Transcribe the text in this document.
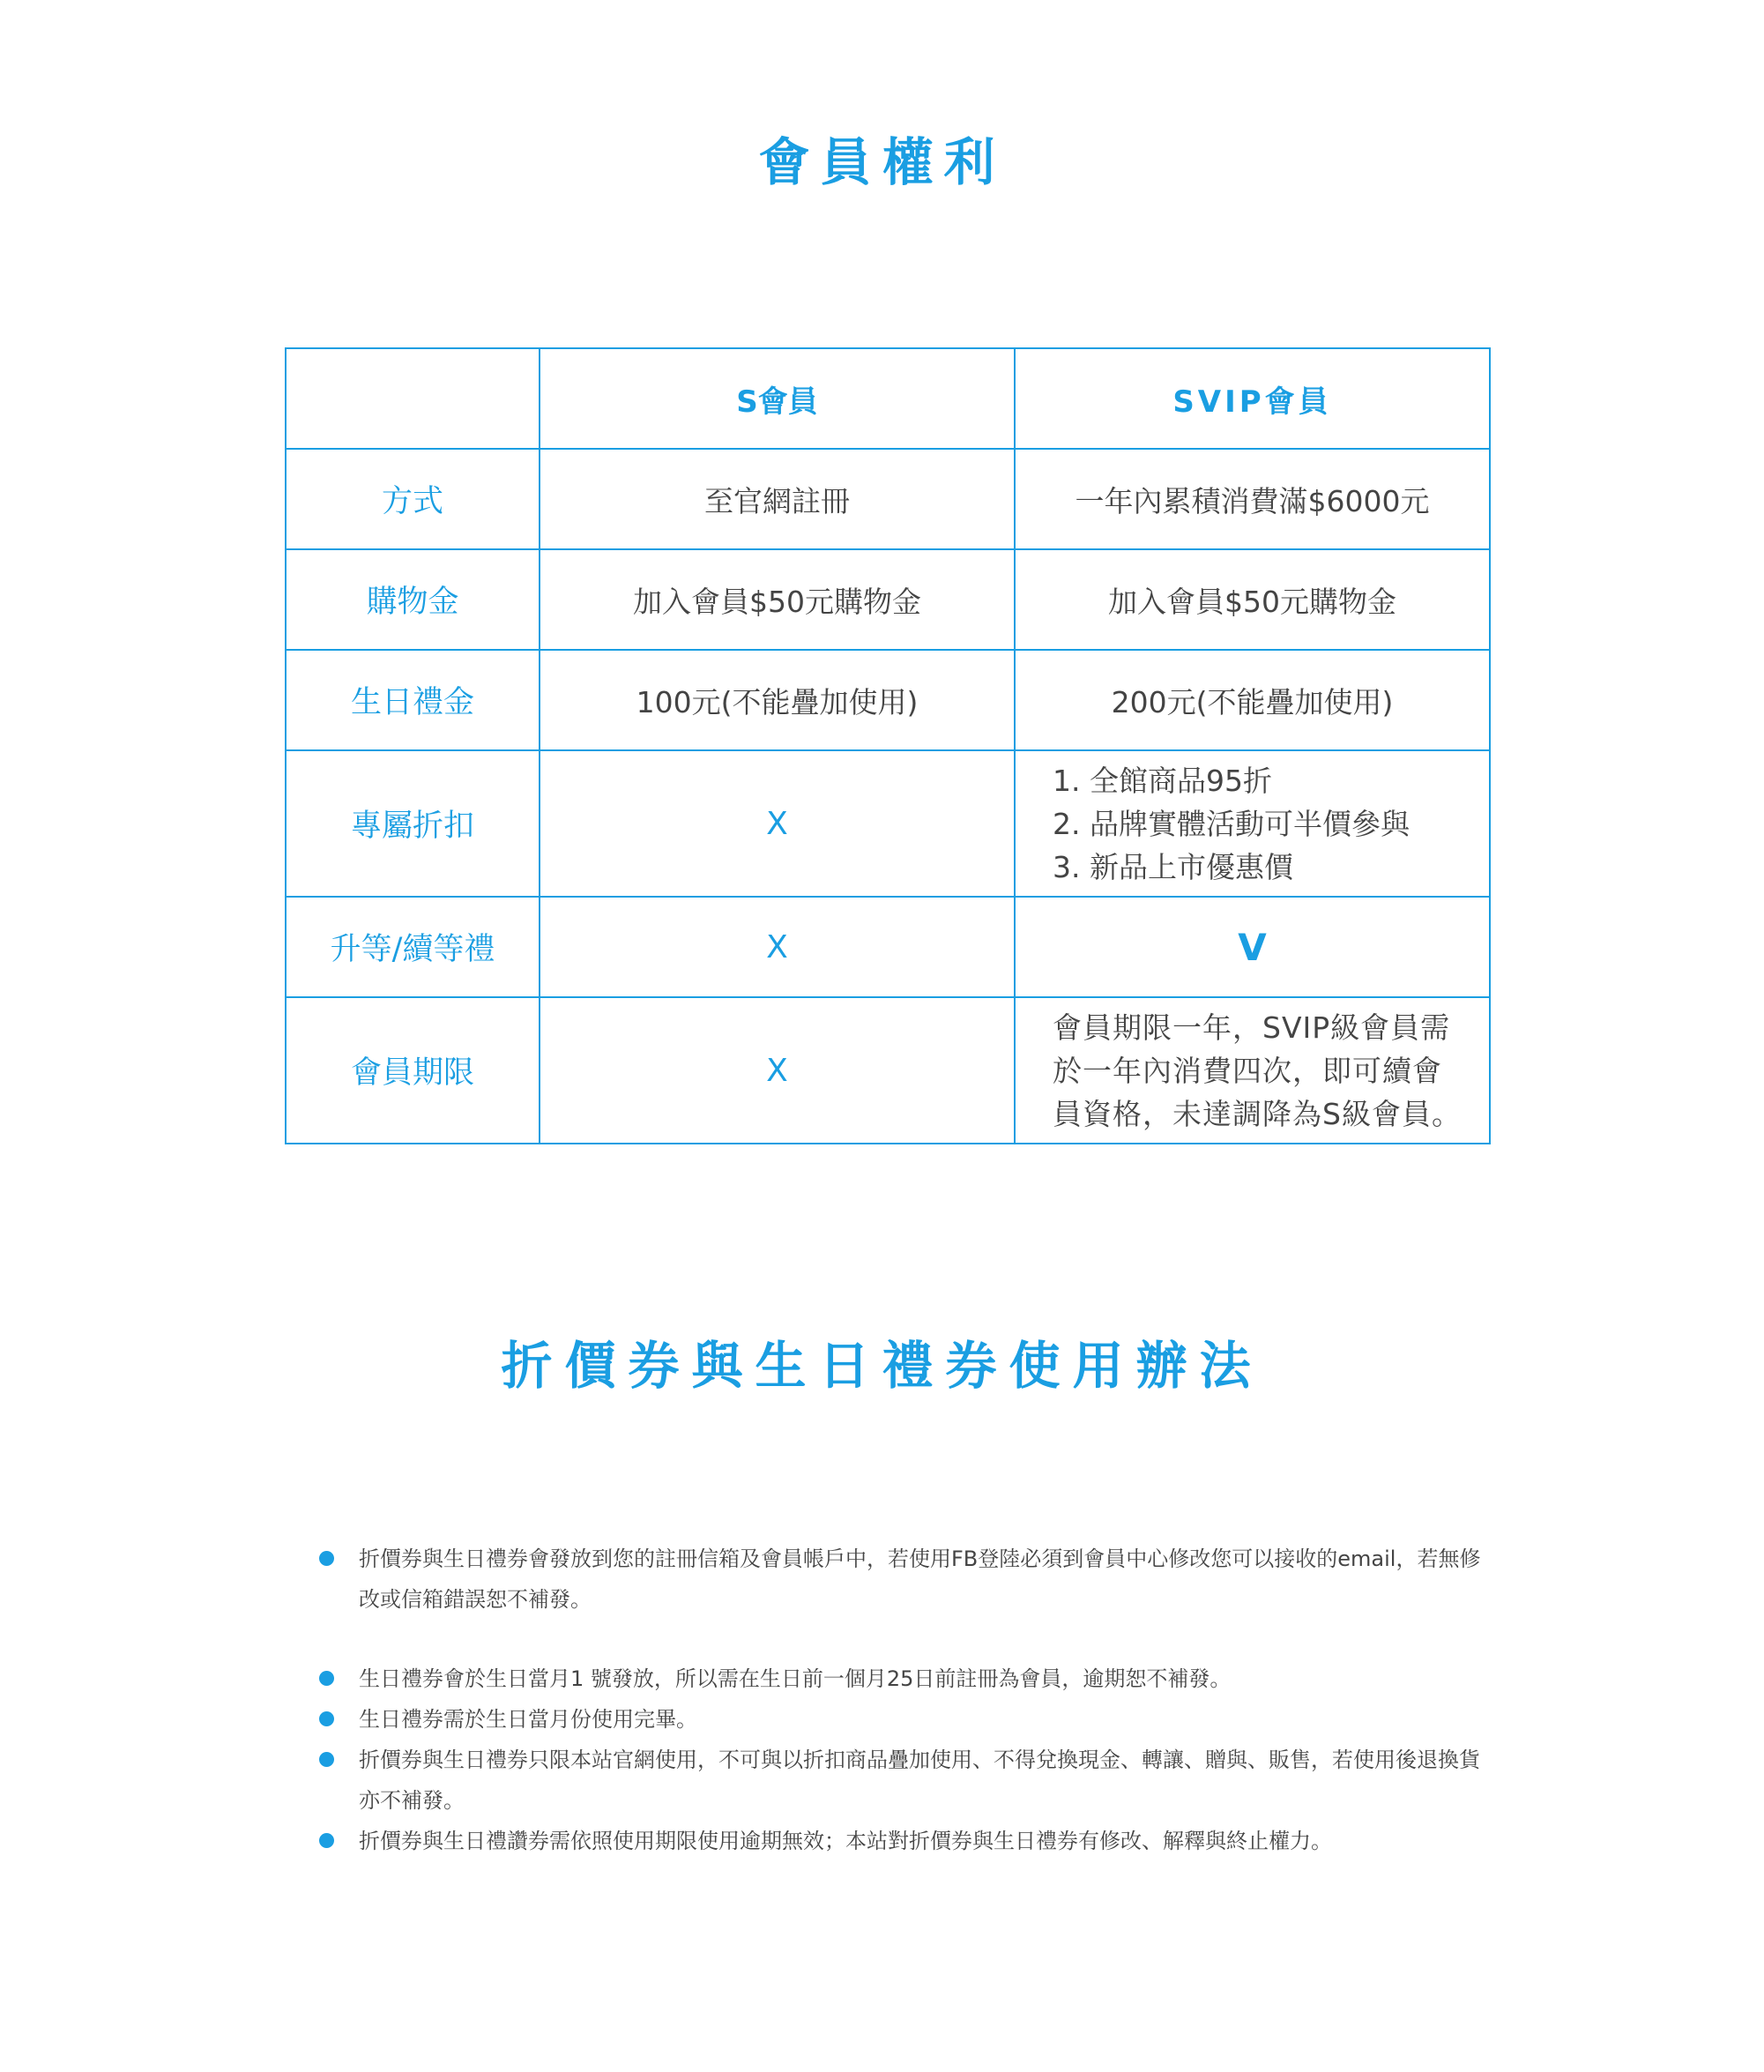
會員權利
	S會員	SVIP會員
方式	至官網註冊	一年內累積消費滿$6000元
購物金	加入會員$50元購物金	加入會員$50元購物金
生日禮金	100元(不能疊加使用)	200元(不能疊加使用)
專屬折扣	X	1. 全館商品95折
2. 品牌實體活動可半價參與
3. 新品上市優惠價

升等/續等禮	X	V
會員期限	X	會員期限一年，SVIP級會員需於一年內消費四次，即可續會員資格，未達調降為S級會員。
折價券與生日禮券使用辦法
折價券與生日禮券會發放到您的註冊信箱及會員帳戶中，若使用FB登陸必須到會員中心修改您可以接收的email，若無修改或信箱錯誤恕不補發。
生日禮券會於生日當月1 號發放，所以需在生日前一個月25日前註冊為會員，逾期恕不補發。
生日禮券需於生日當月份使用完畢。
折價券與生日禮券只限本站官網使用，不可與以折扣商品疊加使用、不得兌換現金、轉讓、贈與、販售，若使用後退換貨亦不補發。
折價券與生日禮讚券需依照使用期限使用逾期無效；本站對折價券與生日禮券有修改、解釋與終止權力。
